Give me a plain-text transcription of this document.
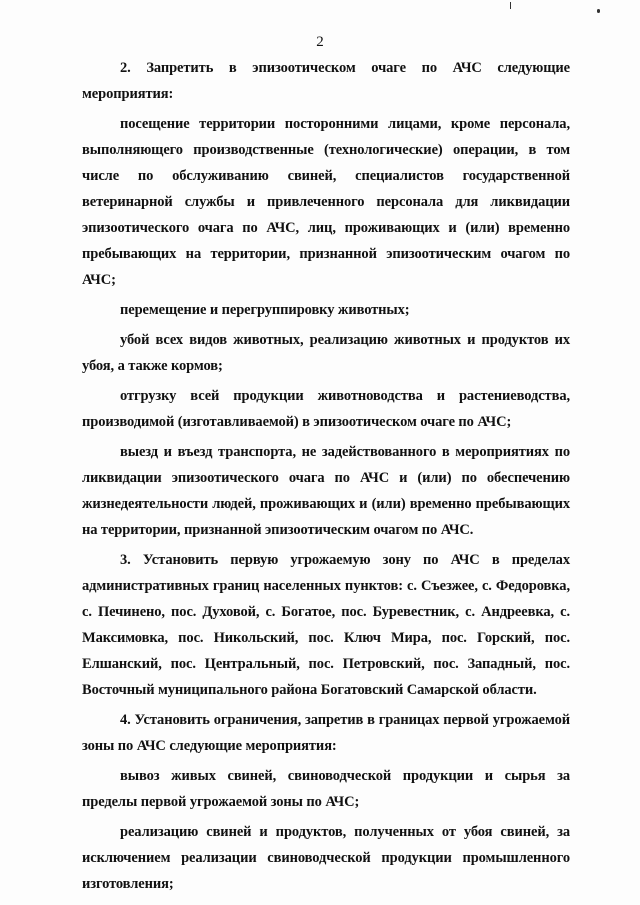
2

2. Запретить в эпизоотическом очаге по АЧС следующие мероприятия:

посещение территории посторонними лицами, кроме персонала, выполняющего производственные (технологические) операции, в том числе по обслуживанию свиней, специалистов государственной ветеринарной службы и привлеченного персонала для ликвидации эпизоотического очага по АЧС, лиц, проживающих и (или) временно пребывающих на территории, признанной эпизоотическим очагом по АЧС;

перемещение и перегруппировку животных;

убой всех видов животных, реализацию животных и продуктов их убоя, а также кормов;

отгрузку всей продукции животноводства и растениеводства, производимой (изготавливаемой) в эпизоотическом очаге по АЧС;

выезд и въезд транспорта, не задействованного в мероприятиях по ликвидации эпизоотического очага по АЧС и (или) по обеспечению жизнедеятельности людей, проживающих и (или) временно пребывающих на территории, признанной эпизоотическим очагом по АЧС.

3. Установить первую угрожаемую зону по АЧС в пределах административных границ населенных пунктов: с. Съезжее, с. Федоровка, с. Печинено, пос. Духовой, с. Богатое, пос. Буревестник, с. Андреевка, с. Максимовка, пос. Никольский, пос. Ключ Мира, пос. Горский, пос. Елшанский, пос. Центральный, пос. Петровский, пос. Западный, пос. Восточный муниципального района Богатовский Самарской области.

4. Установить ограничения, запретив в границах первой угрожаемой зоны по АЧС следующие мероприятия:

вывоз живых свиней, свиноводческой продукции и сырья за пределы первой угрожаемой зоны по АЧС;

реализацию свиней и продуктов, полученных от убоя свиней, за исключением реализации свиноводческой продукции промышленного изготовления;
